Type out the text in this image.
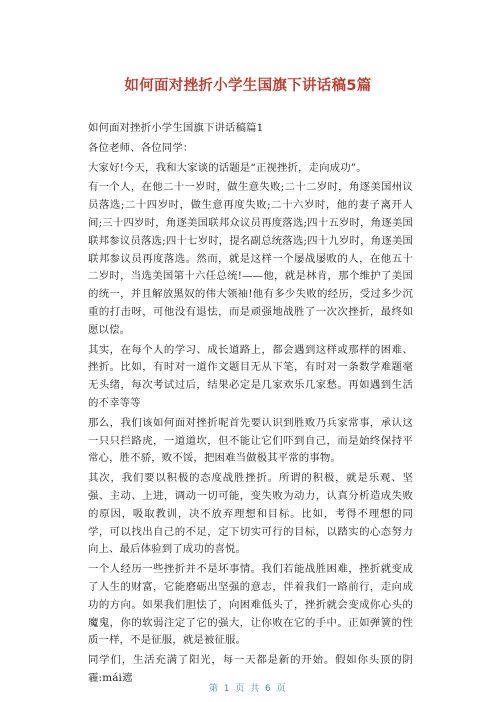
如何面对挫折小学生国旗下讲话稿5篇

如何面对挫折小学生国旗下讲话稿篇1

各位老师、各位同学：

大家好!今天，我和大家谈的话题是“正视挫折，走向成功”。

有一个人，在他二十一岁时，做生意失败;二十二岁时，角逐美国州议员落选;二十四岁时，做生意再度失败;二十六岁时，他的妻子离开人间;三十四岁时，角逐美国联邦众议员再度落选;四十五岁时，角逐美国联邦参议员落选;四十七岁时，提名副总统落选;四十九岁时，角逐美国联邦参议员再度落选。然而，就是这样一个屡战屡败的人，在他五十二岁时，当选美国第十六任总统!——他，就是林肯，那个维护了美国的统一，并且解放黑奴的伟大领袖!他有多少失败的经历，受过多少沉重的打击呀，可他没有退怯，而是顽强地战胜了一次次挫折，最终如愿以偿。

其实，在每个人的学习、成长道路上，都会遇到这样或那样的困难、挫折。比如，有时对一道作文题目无从下笔，有时对一条数学难题毫无头绪，每次考试过后，结果必定是几家欢乐几家愁。再如遇到生活的不幸等等

那么，我们该如何面对挫折呢首先要认识到胜败乃兵家常事，承认这一只只拦路虎，一道道坎，但不能让它们吓到自己，而是始终保持平常心，胜不骄，败不馁，把困难当做极其平常的事物。

其次，我们要以积极的态度战胜挫折。所谓的积极，就是乐观、坚强、主动、上进，调动一切可能，变失败为动力，认真分析造成失败的原因，吸取教训，决不放弃理想和目标。比如，考得不理想的同学，可以找出自己的不足，定下切实可行的目标，以踏实的心态努力向上、最后体验到了成功的喜悦。

一个人经历一些挫折并不是坏事情。我们若能战胜困难，挫折就变成了人生的财富，它能磨砺出坚强的意志，伴着我们一路前行，走向成功的方向。如果我们胆怯了，向困难低头了，挫折就会变成你心头的魔鬼，你的软弱注定了它的强大，让你败在它的手中。正如弹簧的性质一样，不是征服，就是被征服。

同学们，生活充满了阳光，每一天都是新的开始。假如你头顶的阴霾:mái遮

第 1 页 共 6 页
